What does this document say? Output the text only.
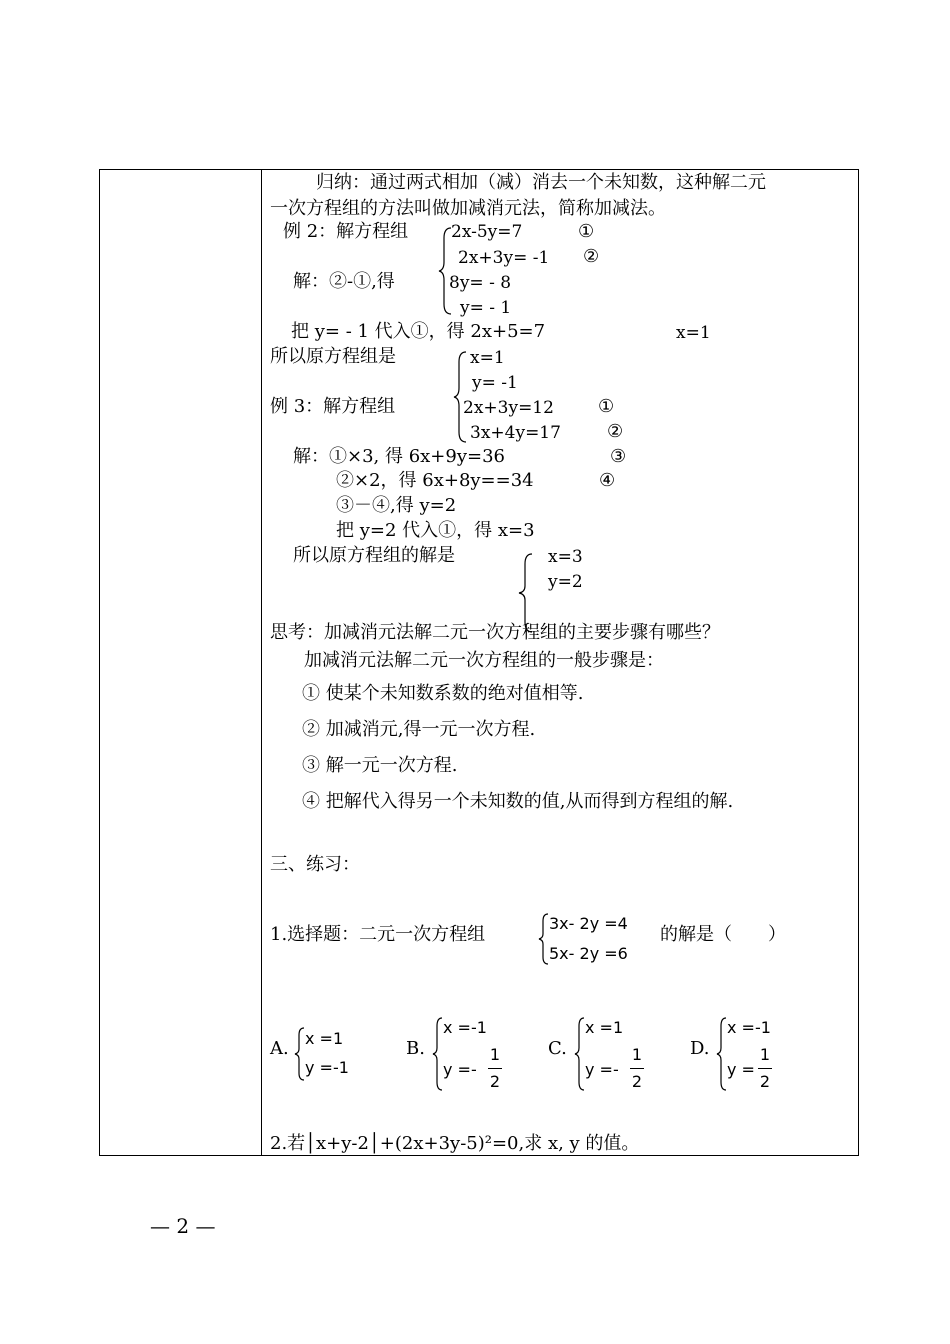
归纳：通过两式相加（减）消去一个未知数，这种解二元
一次方程组的方法叫做加减消元法，简称加减法。
例 2：解方程组	2x-5y=7	①
2x+3y= -1 ②
解：②-①,得	8y= - 8
y= - 1
把 y= - 1 代入①，得 2x+5=7	x=1
所以原方程组是	x=1
y= -1
例 3：解方程组	2x+3y=12 ①
3x+4y=17	②
解：①×3, 得 6x+9y=36	③
②×2，得 6x+8y==34	④
③－④,得 y=2
把 y=2 代入①，得 x=3
所以原方程组的解是	x=3
y=2
思考：加减消元法解二元一次方程组的主要步骤有哪些？
加减消元法解二元一次方程组的一般步骤是：
① 使某个未知数系数的绝对值相等.
② 加减消元,得一元一次方程.
③ 解一元一次方程.
④ 把解代入得另一个未知数的值,从而得到方程组的解.
三、练习：
1.选择题：二元一次方程组
3x- 2y =4
5x- 2y =6
的解是（　　）
A. x =1
y =-1
B.
x =-1
y =-
1
2
C.
x =1
y =-
1
2
D.
x =-1
y =
1
2
2.若│x+y-2│+(2x+3y-5)²=0,求 x, y 的值。
— 2 —
